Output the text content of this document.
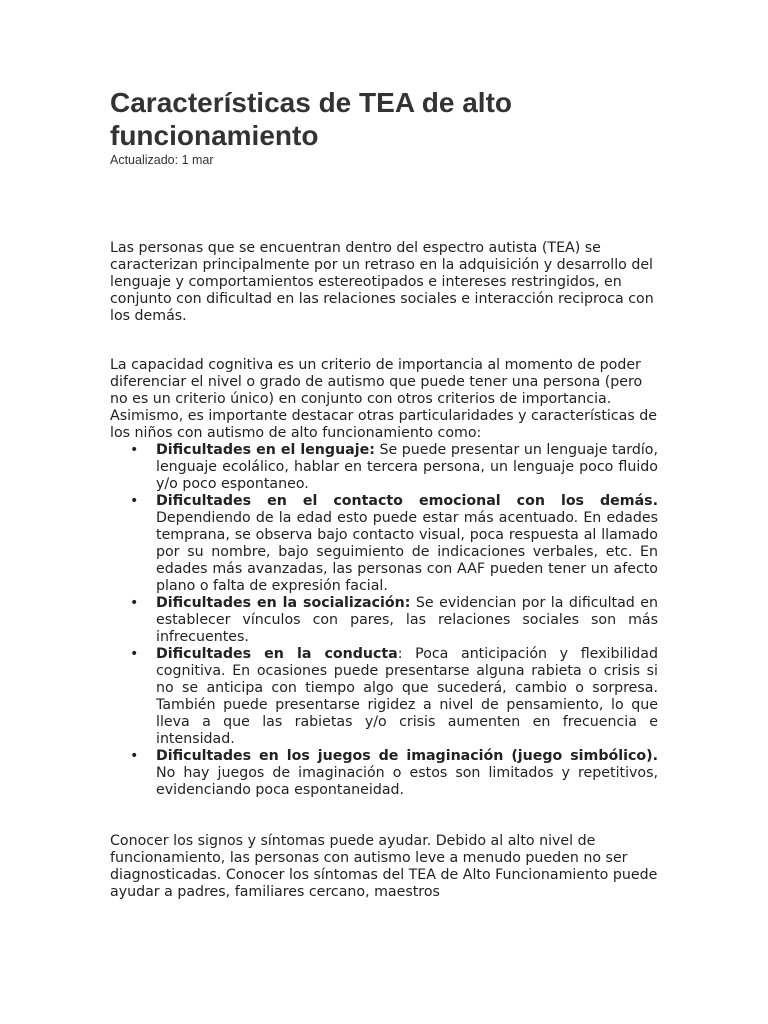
Características de TEA de alto funcionamiento

Actualizado: 1 mar

Las personas que se encuentran dentro del espectro autista (TEA) se caracterizan principalmente por un retraso en la adquisición y desarrollo del lenguaje y comportamientos estereotipados e intereses restringidos, en conjunto con dificultad en las relaciones sociales e interacción reciproca con los demás.

La capacidad cognitiva es un criterio de importancia al momento de poder diferenciar el nivel o grado de autismo que puede tener una persona (pero no es un criterio único) en conjunto con otros criterios de importancia. Asimismo, es importante destacar otras particularidades y características de los niños con autismo de alto funcionamiento como:

• Dificultades en el lenguaje: Se puede presentar un lenguaje tardío, lenguaje ecolálico, hablar en tercera persona, un lenguaje poco fluido y/o poco espontaneo.
• Dificultades en el contacto emocional con los demás. Dependiendo de la edad esto puede estar más acentuado. En edades temprana, se observa bajo contacto visual, poca respuesta al llamado por su nombre, bajo seguimiento de indicaciones verbales, etc. En edades más avanzadas, las personas con AAF pueden tener un afecto plano o falta de expresión facial.
• Dificultades en la socialización: Se evidencian por la dificultad en establecer vínculos con pares, las relaciones sociales son más infrecuentes.
• Dificultades en la conducta: Poca anticipación y flexibilidad cognitiva. En ocasiones puede presentarse alguna rabieta o crisis si no se anticipa con tiempo algo que sucederá, cambio o sorpresa. También puede presentarse rigidez a nivel de pensamiento, lo que lleva a que las rabietas y/o crisis aumenten en frecuencia e intensidad.
• Dificultades en los juegos de imaginación (juego simbólico). No hay juegos de imaginación o estos son limitados y repetitivos, evidenciando poca espontaneidad.

Conocer los signos y síntomas puede ayudar. Debido al alto nivel de funcionamiento, las personas con autismo leve a menudo pueden no ser diagnosticadas. Conocer los síntomas del TEA de Alto Funcionamiento puede ayudar a padres, familiares cercano, maestros
